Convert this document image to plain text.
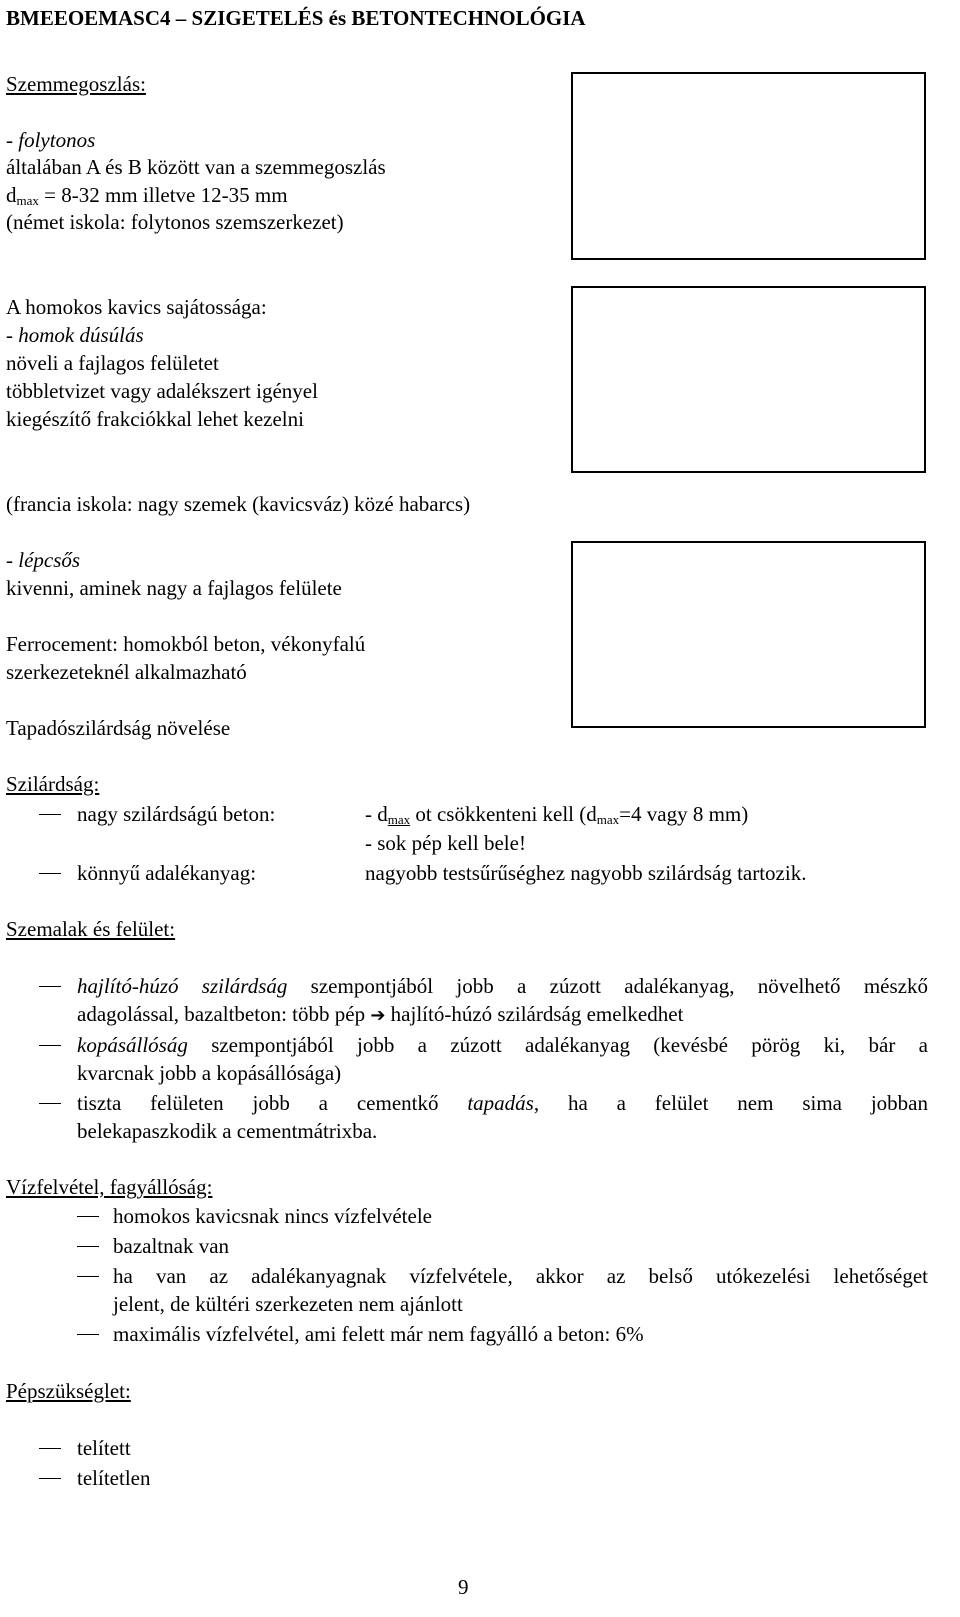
BMEEOEMASC4 – SZIGETELÉS és BETONTECHNOLÓGIA
Szemmegoszlás:
- folytonos
általában A és B között van a szemmegoszlás
$d_{max} = 8-32$ mm illetve 12-35 mm
(német iskola: folytonos szemszerkezet)
A homokos kavics sajátossága:
- homok dúsúlás
növeli a fajlagos felületet
többletvizet vagy adalékszert igényel
kiegészítő frakciókkal lehet kezelni
(francia iskola: nagy szemek (kavicsváz) közé habarcs)
- lépcsős
kivenni, aminek nagy a fajlagos felülete
Ferrocement: homokból beton, vékonyfalú
szerkezeteknél alkalmazható
Tapadószilárdság növelése
Szilárdság:
nagy szilárdságú beton:	- $d_{max}$ ot csökkenteni kell ($d_{max}=4$ vagy 8 mm)
- sok pép kell bele!
könnyű adalékanyag:	nagyobb testsűrűséghez nagyobb szilárdság tartozik.
Szemalak és felület:
hajlító-húzó szilárdság szempontjából jobb a zúzott adalékanyag, növelhető mészkő
adagolással, bazaltbeton: több pép ➔ hajlító-húzó szilárdság emelkedhet
kopásállóság szempontjából jobb a zúzott adalékanyag (kevésbé pörög ki, bár a
kvarcnak jobb a kopásállósága)
tiszta felületen jobb a cementkő tapadás, ha a felület nem sima jobban
belekapaszkodik a cementmátrixba.
Vízfelvétel, fagyállóság:
homokos kavicsnak nincs vízfelvétele
bazaltnak van
ha van az adalékanyagnak vízfelvétele, akkor az belső utókezelési lehetőséget
jelent, de kültéri szerkezeten nem ajánlott
maximális vízfelvétel, ami felett már nem fagyálló a beton: 6%
Pépszükséglet:
telített
telítetlen
9
